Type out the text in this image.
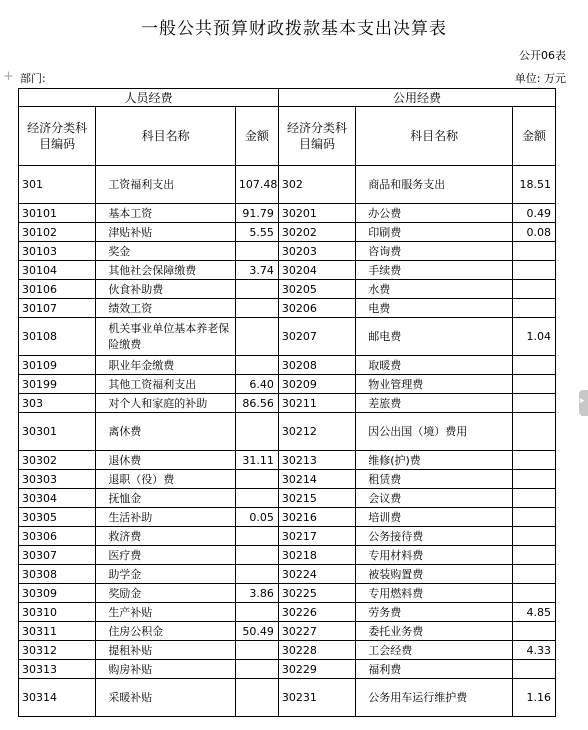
一般公共预算财政拨款基本支出决算表
公开06表
+ 部门:	单位: 万元
▸
人员经费			公用经费		
经济分类科目编码	科目名称	金额	经济分类科目编码	科目名称	金额
301	工资福利支出	107.48	302	商品和服务支出	18.51
30101	基本工资	91.79	30201	办公费	0.49
30102	津贴补贴	5.55	30202	印刷费	0.08
30103	奖金		30203	咨询费	
30104	其他社会保障缴费	3.74	30204	手续费	
30106	伙食补助费		30205	水费	
30107	绩效工资		30206	电费	
30108	机关事业单位基本养老保险缴费		30207	邮电费	1.04
30109	职业年金缴费		30208	取暖费	
30199	其他工资福利支出	6.40	30209	物业管理费	
303	对个人和家庭的补助	86.56	30211	差旅费	
30301	离休费		30212	因公出国（境）费用	
30302	退休费	31.11	30213	维修(护)费	
30303	退职（役）费		30214	租赁费	
30304	抚恤金		30215	会议费	
30305	生活补助	0.05	30216	培训费	
30306	救济费		30217	公务接待费	
30307	医疗费		30218	专用材料费	
30308	助学金		30224	被装购置费	
30309	奖励金	3.86	30225	专用燃料费	
30310	生产补贴		30226	劳务费	4.85
30311	住房公积金	50.49	30227	委托业务费	
30312	提租补贴		30228	工会经费	4.33
30313	购房补贴		30229	福利费	
30314	采暖补贴		30231	公务用车运行维护费	1.16
